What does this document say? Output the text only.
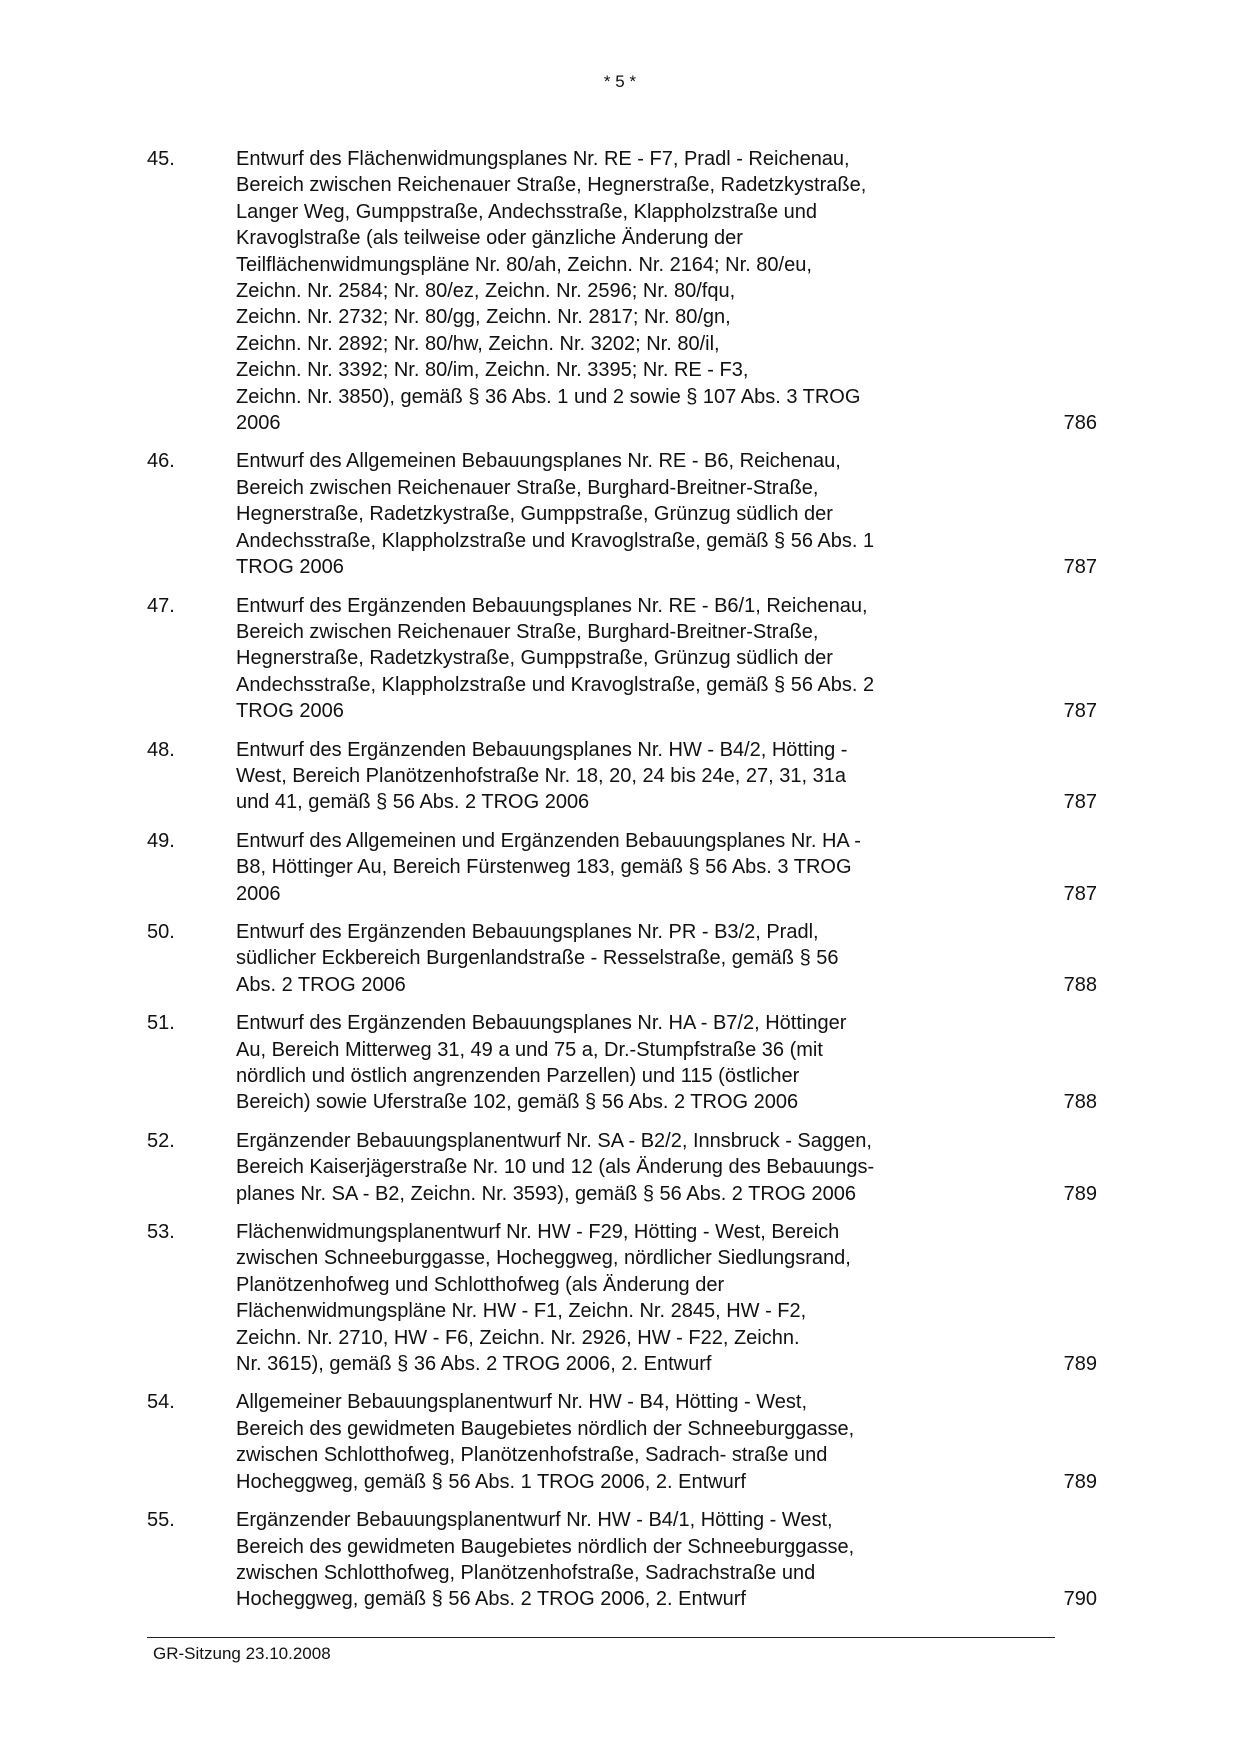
* 5 *
45.	Entwurf des Flächenwidmungsplanes Nr. RE - F7, Pradl - Reichenau,
Bereich zwischen Reichenauer Straße, Hegnerstraße, Radetzkystraße,
Langer Weg, Gumppstraße, Andechsstraße, Klappholzstraße und
Kravoglstraße (als teilweise oder gänzliche Änderung der
Teilflächenwidmungspläne Nr. 80/ah, Zeichn. Nr. 2164; Nr. 80/eu,
Zeichn. Nr. 2584; Nr. 80/ez, Zeichn. Nr. 2596; Nr. 80/fqu,
Zeichn. Nr. 2732; Nr. 80/gg, Zeichn. Nr. 2817; Nr. 80/gn,
Zeichn. Nr. 2892; Nr. 80/hw, Zeichn. Nr. 3202; Nr. 80/il,
Zeichn. Nr. 3392; Nr. 80/im, Zeichn. Nr. 3395; Nr. RE - F3,
Zeichn. Nr. 3850), gemäß § 36 Abs. 1 und 2 sowie § 107 Abs. 3 TROG
2006	786
46.	Entwurf des Allgemeinen Bebauungsplanes Nr. RE - B6, Reichenau,
Bereich zwischen Reichenauer Straße, Burghard-Breitner-Straße,
Hegnerstraße, Radetzkystraße, Gumppstraße, Grünzug südlich der
Andechsstraße, Klappholzstraße und Kravoglstraße, gemäß § 56 Abs. 1
TROG 2006	787
47.	Entwurf des Ergänzenden Bebauungsplanes Nr. RE - B6/1, Reichenau,
Bereich zwischen Reichenauer Straße, Burghard-Breitner-Straße,
Hegnerstraße, Radetzkystraße, Gumppstraße, Grünzug südlich der
Andechsstraße, Klappholzstraße und Kravoglstraße, gemäß § 56 Abs. 2
TROG 2006	787
48.	Entwurf des Ergänzenden Bebauungsplanes Nr. HW - B4/2, Hötting -
West, Bereich Planötzenhofstraße Nr. 18, 20, 24 bis 24e, 27, 31, 31a
und 41, gemäß § 56 Abs. 2 TROG 2006	787
49.	Entwurf des Allgemeinen und Ergänzenden Bebauungsplanes Nr. HA -
B8, Höttinger Au, Bereich Fürstenweg 183, gemäß § 56 Abs. 3 TROG
2006	787
50.	Entwurf des Ergänzenden Bebauungsplanes Nr. PR - B3/2, Pradl,
südlicher Eckbereich Burgenlandstraße - Resselstraße, gemäß § 56
Abs. 2 TROG 2006	788
51.	Entwurf des Ergänzenden Bebauungsplanes Nr. HA - B7/2, Höttinger
Au, Bereich Mitterweg 31, 49 a und 75 a, Dr.-Stumpfstraße 36 (mit
nördlich und östlich angrenzenden Parzellen) und 115 (östlicher
Bereich) sowie Uferstraße 102, gemäß § 56 Abs. 2 TROG 2006	788
52.	Ergänzender Bebauungsplanentwurf Nr. SA - B2/2, Innsbruck - Saggen,
Bereich Kaiserjägerstraße Nr. 10 und 12 (als Änderung des Bebauungs-
planes Nr. SA - B2, Zeichn. Nr. 3593), gemäß § 56 Abs. 2 TROG 2006	789
53.	Flächenwidmungsplanentwurf Nr. HW - F29, Hötting - West, Bereich
zwischen Schneeburggasse, Hocheggweg, nördlicher Siedlungsrand,
Planötzenhofweg und Schlotthofweg (als Änderung der
Flächenwidmungspläne Nr. HW - F1, Zeichn. Nr. 2845, HW - F2,
Zeichn. Nr. 2710, HW - F6, Zeichn. Nr. 2926, HW - F22, Zeichn.
Nr. 3615), gemäß § 36 Abs. 2 TROG 2006, 2. Entwurf	789
54.	Allgemeiner Bebauungsplanentwurf Nr. HW - B4, Hötting - West,
Bereich des gewidmeten Baugebietes nördlich der Schneeburggasse,
zwischen Schlotthofweg, Planötzenhofstraße, Sadrach- straße und
Hocheggweg, gemäß § 56 Abs. 1 TROG 2006, 2. Entwurf	789
55.	Ergänzender Bebauungsplanentwurf Nr. HW - B4/1, Hötting - West,
Bereich des gewidmeten Baugebietes nördlich der Schneeburggasse,
zwischen Schlotthofweg, Planötzenhofstraße, Sadrachstraße und
Hocheggweg, gemäß § 56 Abs. 2 TROG 2006, 2. Entwurf	790
GR-Sitzung 23.10.2008
